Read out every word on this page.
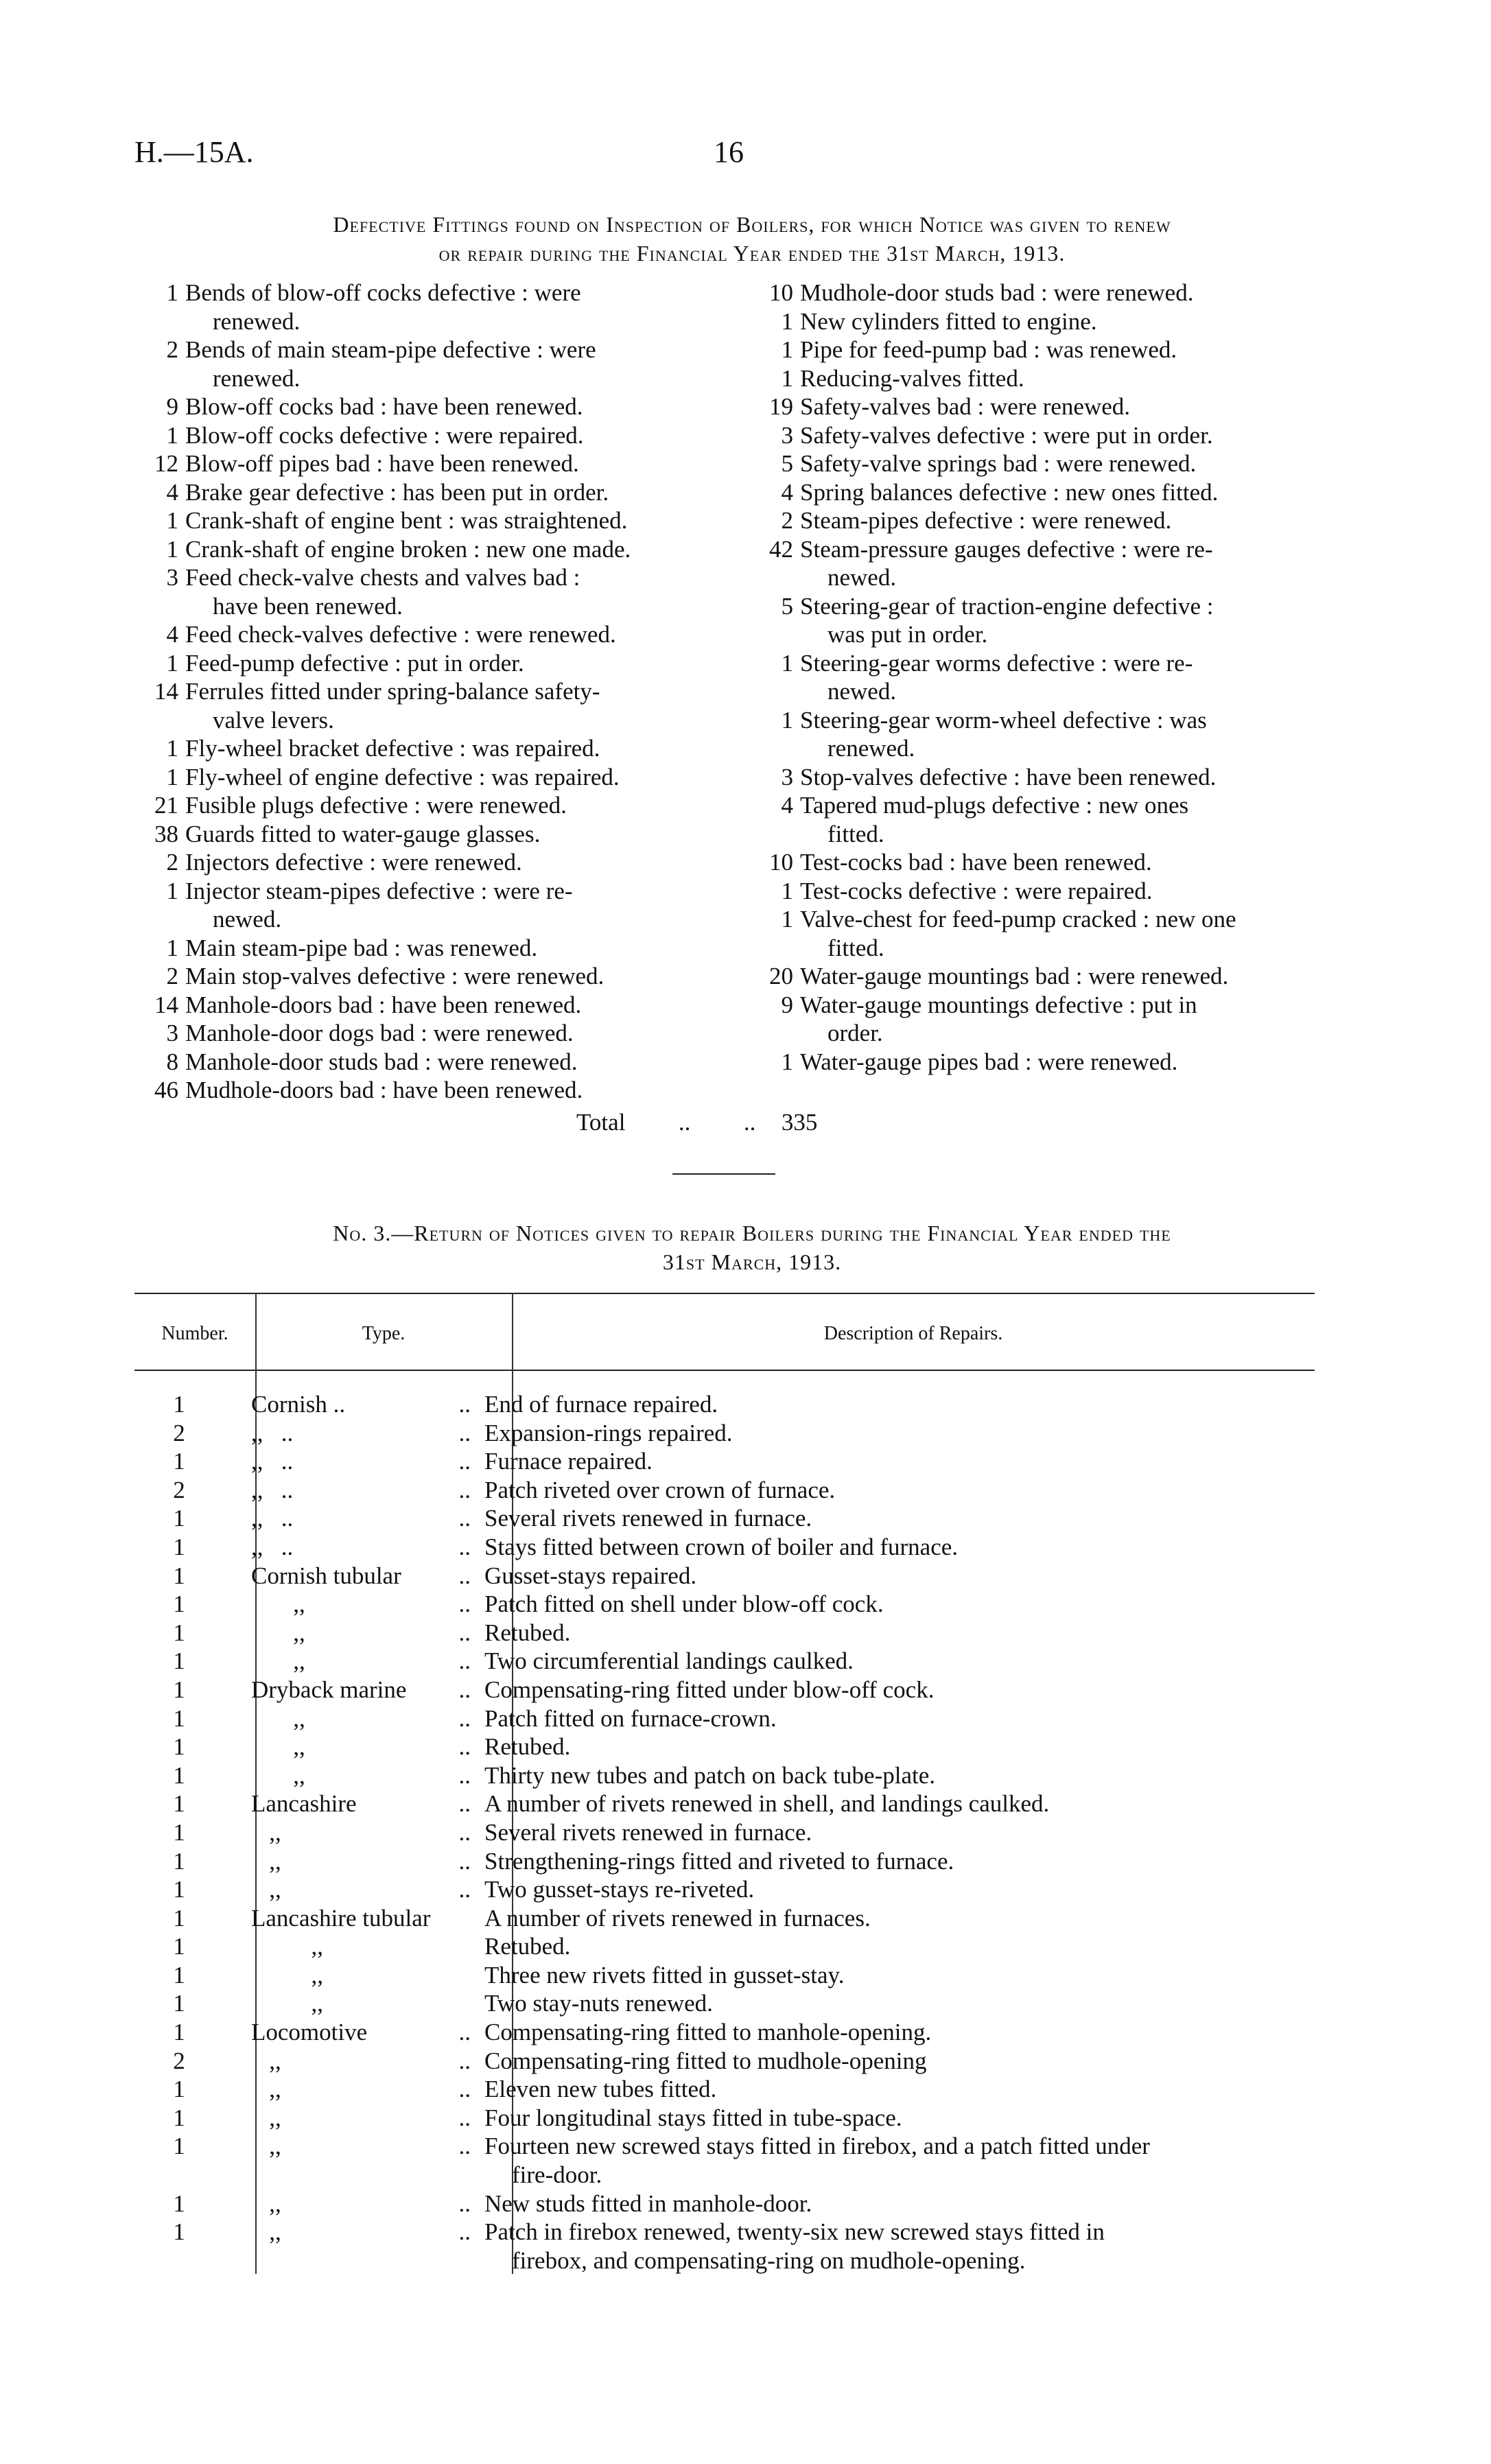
H.—15A.	16
Defective Fittings found on Inspection of Boilers, for which Notice was given to renew
or repair during the Financial Year ended the 31st March, 1913.
1 Bends of blow-off cocks defective : were
renewed.
2 Bends of main steam-pipe defective : were
renewed.
9 Blow-off cocks bad : have been renewed.
1 Blow-off cocks defective : were repaired.
12 Blow-off pipes bad : have been renewed.
4 Brake gear defective : has been put in order.
1 Crank-shaft of engine bent : was straightened.
1 Crank-shaft of engine broken : new one made.
3 Feed check-valve chests and valves bad :
have been renewed.
4 Feed check-valves defective : were renewed.
1 Feed-pump defective : put in order.
14 Ferrules fitted under spring-balance safety-
valve levers.
1 Fly-wheel bracket defective : was repaired.
1 Fly-wheel of engine defective : was repaired.
21 Fusible plugs defective : were renewed.
38 Guards fitted to water-gauge glasses.
2 Injectors defective : were renewed.
1 Injector steam-pipes defective : were re-
newed.
1 Main steam-pipe bad : was renewed.
2 Main stop-valves defective : were renewed.
14 Manhole-doors bad : have been renewed.
3 Manhole-door dogs bad : were renewed.
8 Manhole-door studs bad : were renewed.
46 Mudhole-doors bad : have been renewed.
10 Mudhole-door studs bad : were renewed.
1 New cylinders fitted to engine.
1 Pipe for feed-pump bad : was renewed.
1 Reducing-valves fitted.
19 Safety-valves bad : were renewed.
3 Safety-valves defective : were put in order.
5 Safety-valve springs bad : were renewed.
4 Spring balances defective : new ones fitted.
2 Steam-pipes defective : were renewed.
42 Steam-pressure gauges defective : were re-
newed.
5 Steering-gear of traction-engine defective :
was put in order.
1 Steering-gear worms defective : were re-
newed.
1 Steering-gear worm-wheel defective : was
renewed.
3 Stop-valves defective : have been renewed.
4 Tapered mud-plugs defective : new ones
fitted.
10 Test-cocks bad : have been renewed.
1 Test-cocks defective : were repaired.
1 Valve-chest for feed-pump cracked : new one
fitted.
20 Water-gauge mountings bad : were renewed.
9 Water-gauge mountings defective : put in
order.
1 Water-gauge pipes bad : were renewed.
Total .. .. 335
No. 3.—Return of Notices given to repair Boilers during the Financial Year ended the
31st March, 1913.
Number.	Type.	Description of Repairs.
1	Cornish ..	.. End of furnace repaired.
2	,,   ..	.. Expansion-rings repaired.
1	,,   ..	.. Furnace repaired.
2	,,   ..	.. Patch riveted over crown of furnace.
1	,,   ..	.. Several rivets renewed in furnace.
1	,,   ..	.. Stays fitted between crown of boiler and furnace.
1	Cornish tubular	.. Gusset-stays repaired.
1	,,	.. Patch fitted on shell under blow-off cock.
1	,,	.. Retubed.
1	,,	.. Two circumferential landings caulked.
1	Dryback marine	.. Compensating-ring fitted under blow-off cock.
1	,,	.. Patch fitted on furnace-crown.
1	,,	.. Retubed.
1	,,	.. Thirty new tubes and patch on back tube-plate.
1	Lancashire	.. A number of rivets renewed in shell, and landings caulked.
1	,,	.. Several rivets renewed in furnace.
1	,,	.. Strengthening-rings fitted and riveted to furnace.
1	,,	.. Two gusset-stays re-riveted.
1	Lancashire tubular	A number of rivets renewed in furnaces.
1	,,	Retubed.
1	,,	Three new rivets fitted in gusset-stay.
1	,,	Two stay-nuts renewed.
1	Locomotive	.. Compensating-ring fitted to manhole-opening.
2	,,	.. Compensating-ring fitted to mudhole-opening
1	,,	.. Eleven new tubes fitted.
1	,,	.. Four longitudinal stays fitted in tube-space.
1	,,	.. Fourteen new screwed stays fitted in firebox, and a patch fitted under
fire-door.
1	,,	.. New studs fitted in manhole-door.
1	,,	.. Patch in firebox renewed, twenty-six new screwed stays fitted in
firebox, and compensating-ring on mudhole-opening.
